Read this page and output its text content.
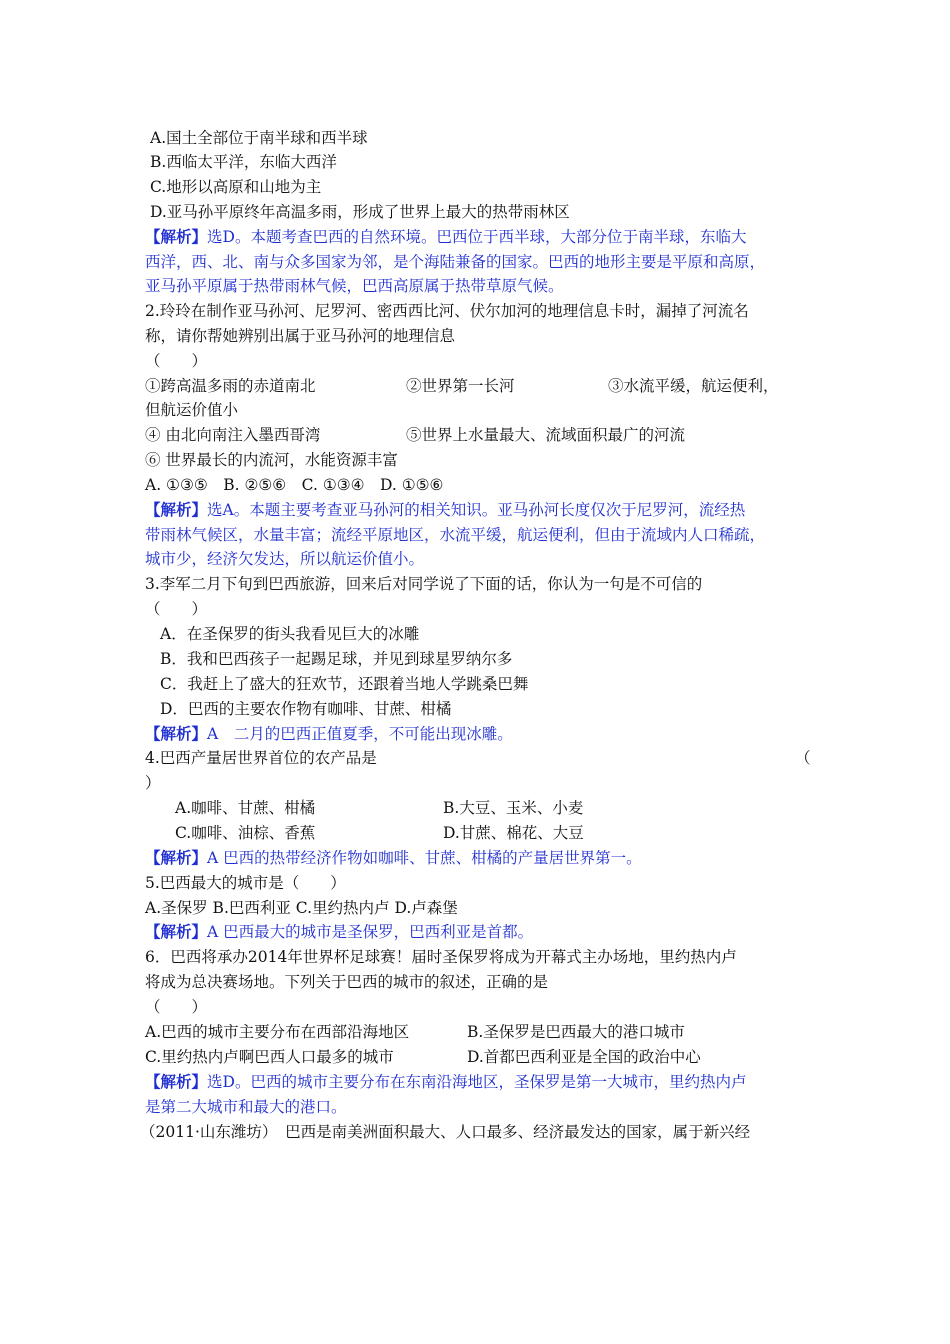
A.国土全部位于南半球和西半球
B.西临太平洋，东临大西洋
C.地形以高原和山地为主
D.亚马孙平原终年高温多雨，形成了世界上最大的热带雨林区
【解析】选D。本题考查巴西的自然环境。巴西位于西半球，大部分位于南半球，东临大
西洋，西、北、南与众多国家为邻，是个海陆兼备的国家。巴西的地形主要是平原和高原，
亚马孙平原属于热带雨林气候，巴西高原属于热带草原气候。
2.玲玲在制作亚马孙河、尼罗河、密西西比河、伏尔加河的地理信息卡时，漏掉了河流名
称，请你帮她辨别出属于亚马孙河的地理信息
（　　）
①跨高温多雨的赤道南北	②世界第一长河	③水流平缓，航运便利，
但航运价值小
④ 由北向南注入墨西哥湾	⑤世界上水量最大、流域面积最广的河流
⑥ 世界最长的内流河，水能资源丰富
A. ①③⑤　B. ②⑤⑥　C. ①③④　D. ①⑤⑥
【解析】选A。本题主要考查亚马孙河的相关知识。亚马孙河长度仅次于尼罗河，流经热
带雨林气候区，水量丰富；流经平原地区，水流平缓，航运便利，但由于流域内人口稀疏，
城市少，经济欠发达，所以航运价值小。
3.李军二月下旬到巴西旅游，回来后对同学说了下面的话，你认为一句是不可信的
（　　）
A．在圣保罗的街头我看见巨大的冰雕
B．我和巴西孩子一起踢足球，并见到球星罗纳尔多
C．我赶上了盛大的狂欢节，还跟着当地人学跳桑巴舞
D．巴西的主要农作物有咖啡、甘蔗、柑橘
【解析】A　二月的巴西正值夏季，不可能出现冰雕。
4.巴西产量居世界首位的农产品是	（
）
A.咖啡、甘蔗、柑橘	B.大豆、玉米、小麦
C.咖啡、油棕、香蕉	D.甘蔗、棉花、大豆
【解析】A 巴西的热带经济作物如咖啡、甘蔗、柑橘的产量居世界第一。
5.巴西最大的城市是（　　）
A.圣保罗 B.巴西利亚 C.里约热内卢 D.卢森堡
【解析】A 巴西最大的城市是圣保罗，巴西利亚是首都。
6．巴西将承办2014年世界杯足球赛！届时圣保罗将成为开幕式主办场地，里约热内卢
将成为总决赛场地。下列关于巴西的城市的叙述，正确的是
（　　）
A.巴西的城市主要分布在西部沿海地区	B.圣保罗是巴西最大的港口城市
C.里约热内卢啊巴西人口最多的城市	D.首都巴西利亚是全国的政治中心
【解析】选D。巴西的城市主要分布在东南沿海地区，圣保罗是第一大城市，里约热内卢
是第二大城市和最大的港口。
（2011·山东潍坊）　巴西是南美洲面积最大、人口最多、经济最发达的国家，属于新兴经
